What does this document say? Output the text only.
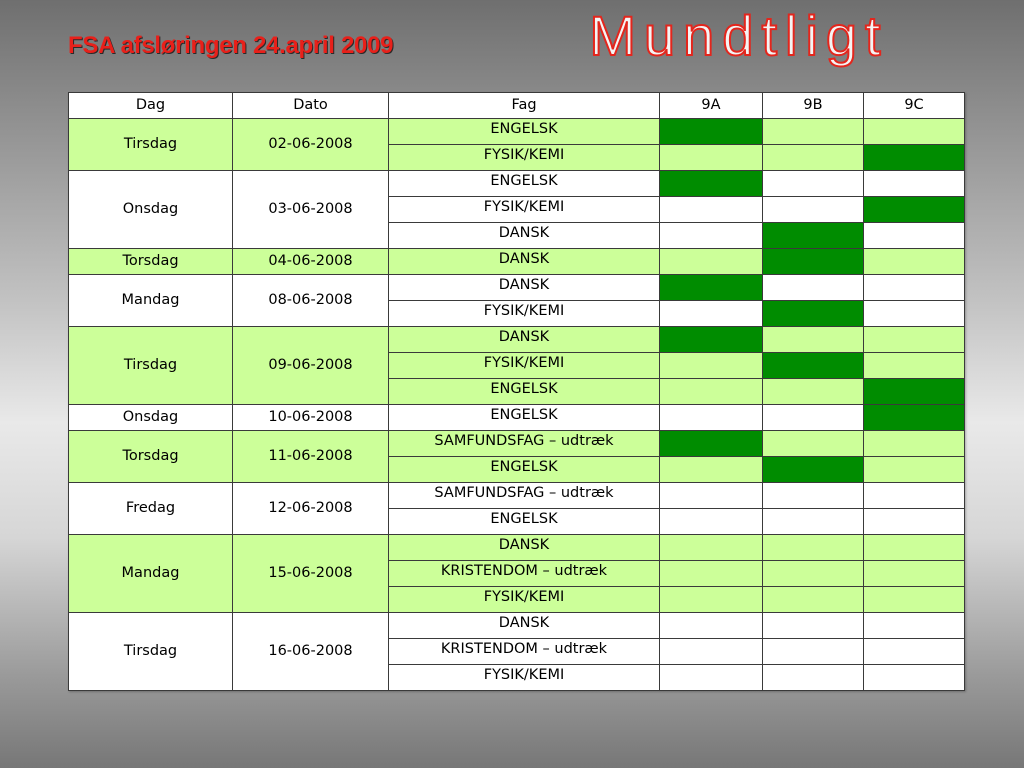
FSA afsløringen 24.april 2009	Mundtligt
Dag	Dato	Fag	9A	9B	9C
Tirsdag	02-06-2008	ENGELSK			
		FYSIK/KEMI			
Onsdag	03-06-2008	ENGELSK			
		FYSIK/KEMI			
		DANSK			
Torsdag	04-06-2008	DANSK			
Mandag	08-06-2008	DANSK			
		FYSIK/KEMI			
Tirsdag	09-06-2008	DANSK			
		FYSIK/KEMI			
		ENGELSK			
Onsdag	10-06-2008	ENGELSK			
Torsdag	11-06-2008	SAMFUNDSFAG – udtræk			
		ENGELSK			
Fredag	12-06-2008	SAMFUNDSFAG – udtræk			
		ENGELSK			
Mandag	15-06-2008	DANSK			
		KRISTENDOM – udtræk			
		FYSIK/KEMI			
Tirsdag	16-06-2008	DANSK			
		KRISTENDOM – udtræk			
		FYSIK/KEMI			
